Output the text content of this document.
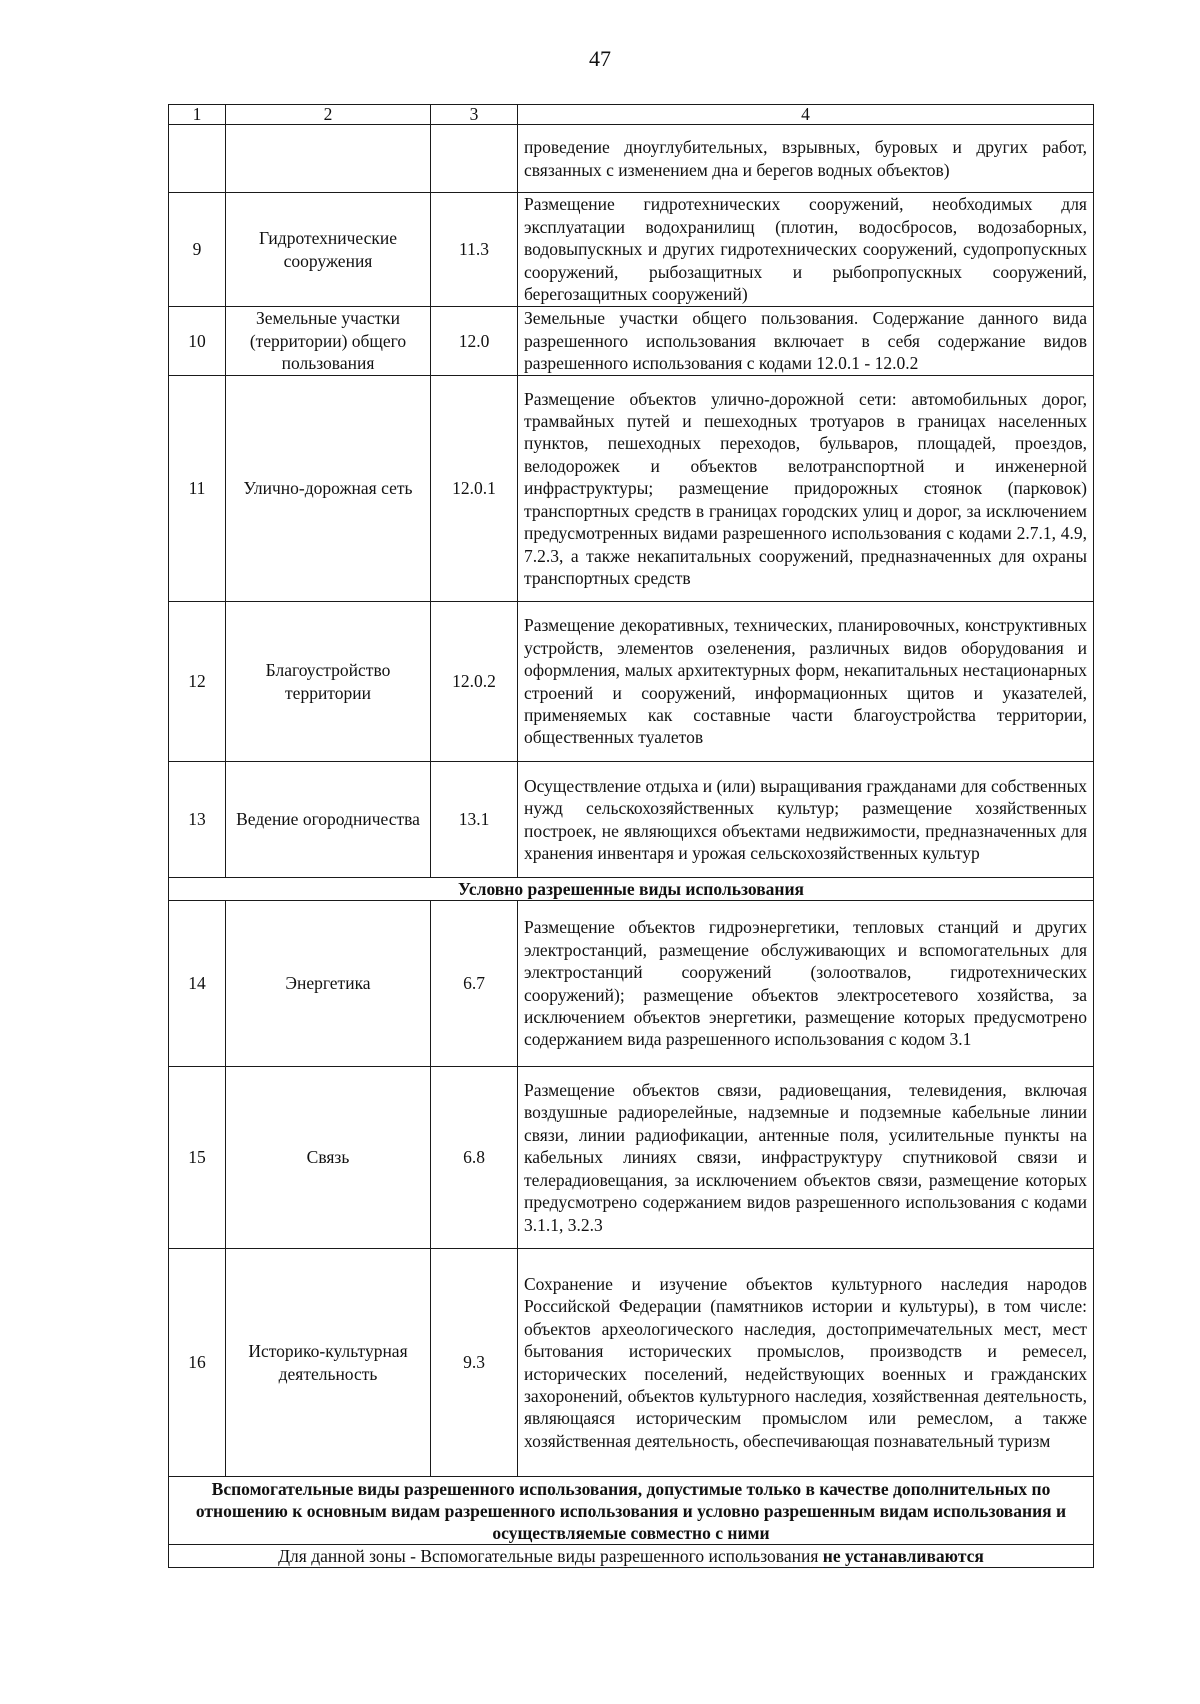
47
1	2	3	4
			проведение дноуглубительных, взрывных, буровых и других работ, связанных с изменением дна и берегов водных объектов)
9	Гидротехнические сооружения	11.3	Размещение гидротехнических сооружений, необходимых для эксплуатации водохранилищ (плотин, водосбросов, водозаборных, водовыпускных и других гидротехнических сооружений, судопропускных сооружений, рыбозащитных и рыбопропускных сооружений, берегозащитных сооружений)
10	Земельные участки (территории) общего пользования	12.0	Земельные участки общего пользования. Содержание данного вида разрешенного использования включает в себя содержание видов разрешенного использования с кодами 12.0.1 - 12.0.2
11	Улично-дорожная сеть	12.0.1	Размещение объектов улично-дорожной сети: автомобильных дорог, трамвайных путей и пешеходных тротуаров в границах населенных пунктов, пешеходных переходов, бульваров, площадей, проездов, велодорожек и объектов велотранспортной и инженерной инфраструктуры; размещение придорожных стоянок (парковок) транспортных средств в границах городских улиц и дорог, за исключением предусмотренных видами разрешенного использования с кодами 2.7.1, 4.9, 7.2.3, а также некапитальных сооружений, предназначенных для охраны транспортных средств
12	Благоустройство территории	12.0.2	Размещение декоративных, технических, планировочных, конструктивных устройств, элементов озеленения, различных видов оборудования и оформления, малых архитектурных форм, некапитальных нестационарных строений и сооружений, информационных щитов и указателей, применяемых как составные части благоустройства территории, общественных туалетов
13	Ведение огородничества	13.1	Осуществление отдыха и (или) выращивания гражданами для собственных нужд сельскохозяйственных культур; размещение хозяйственных построек, не являющихся объектами недвижимости, предназначенных для хранения инвентаря и урожая сельскохозяйственных культур
Условно разрешенные виды использования			
14	Энергетика	6.7	Размещение объектов гидроэнергетики, тепловых станций и других электростанций, размещение обслуживающих и вспомогательных для электростанций сооружений (золоотвалов, гидротехнических сооружений); размещение объектов электросетевого хозяйства, за исключением объектов энергетики, размещение которых предусмотрено содержанием вида разрешенного использования с кодом 3.1
15	Связь	6.8	Размещение объектов связи, радиовещания, телевидения, включая воздушные радиорелейные, надземные и подземные кабельные линии связи, линии радиофикации, антенные поля, усилительные пункты на кабельных линиях связи, инфраструктуру спутниковой связи и телерадиовещания, за исключением объектов связи, размещение которых предусмотрено содержанием видов разрешенного использования с кодами 3.1.1, 3.2.3
16	Историко-культурная деятельность	9.3	Сохранение и изучение объектов культурного наследия народов Российской Федерации (памятников истории и культуры), в том числе: объектов археологического наследия, достопримечательных мест, мест бытования исторических промыслов, производств и ремесел, исторических поселений, недействующих военных и гражданских захоронений, объектов культурного наследия, хозяйственная деятельность, являющаяся историческим промыслом или ремеслом, а также хозяйственная деятельность, обеспечивающая познавательный туризм
Вспомогательные виды разрешенного использования, допустимые только в качестве дополнительных по отношению к основным видам разрешенного использования и условно разрешенным видам использования и осуществляемые совместно с ними			
Для данной зоны - Вспомогательные виды разрешенного использования не устанавливаются			
